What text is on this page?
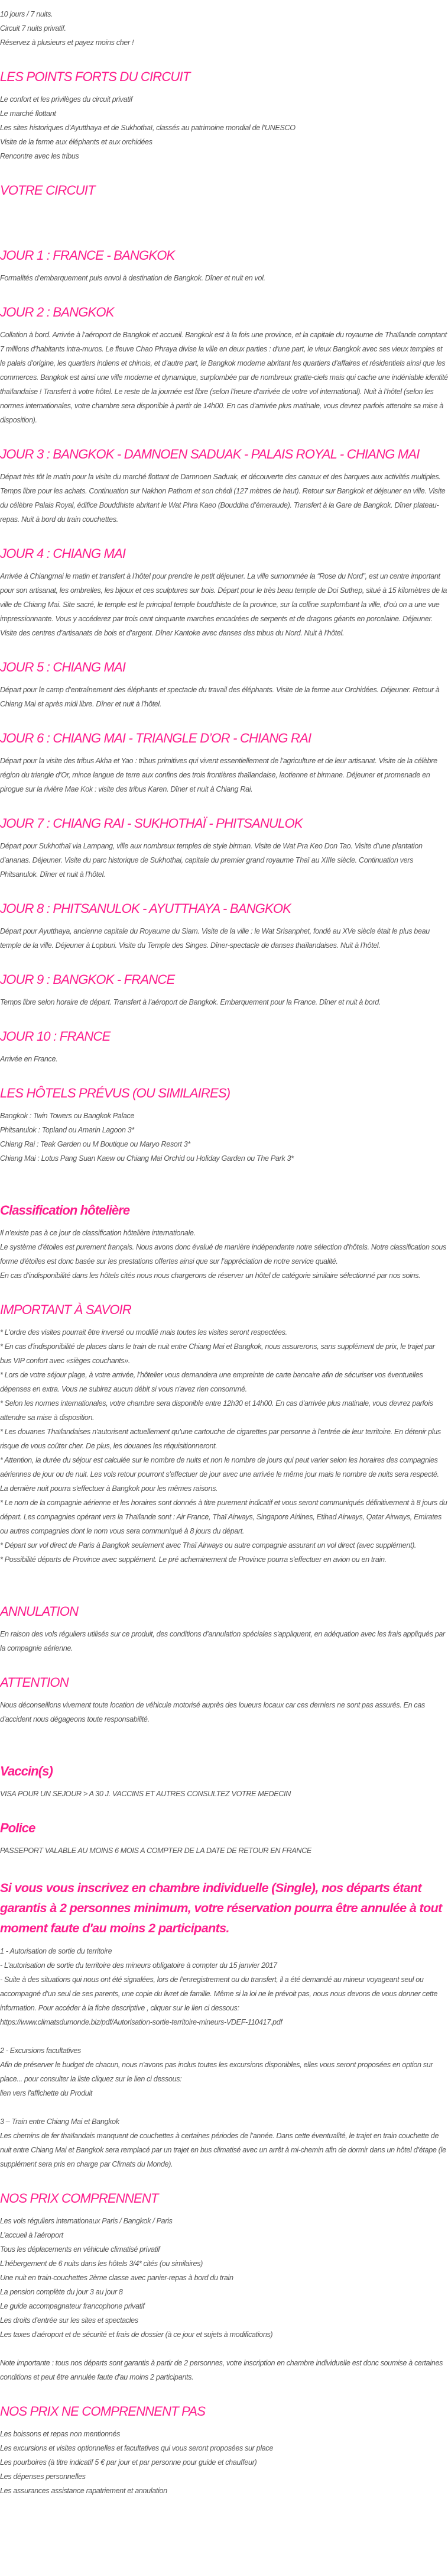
10 jours / 7 nuits.

Circuit 7 nuits privatif.

Réservez à plusieurs et payez moins cher !

LES POINTS FORTS DU CIRCUIT

Le confort et les privilèges du circuit privatif

Le marché flottant

Les sites historiques d’Ayutthaya et de Sukhothaï, classés au patrimoine mondial de l’UNESCO

Visite de la ferme aux éléphants et aux orchidées

Rencontre avec les tribus

VOTRE CIRCUIT
JOUR 1 : FRANCE - BANGKOK

Formalités d’embarquement puis envol à destination de Bangkok. Dîner et nuit en vol.

JOUR 2 : BANGKOK

Collation à bord. Arrivée à l’aéroport de Bangkok et accueil. Bangkok est à la fois une province, et la capitale du royaume de Thaïlande comptant 7 millions d’habitants intra-muros. Le fleuve Chao Phraya divise la ville en deux parties : d’une part, le vieux Bangkok avec ses vieux temples et le palais d’origine, les quartiers indiens et chinois, et d’autre part, le Bangkok moderne abritant les quartiers d’affaires et résidentiels ainsi que les commerces. Bangkok est ainsi une ville moderne et dynamique, surplombée par de nombreux gratte-ciels mais qui cache une indéniable identité thaïlandaise ! Transfert à votre hôtel. Le reste de la journée est libre (selon l’heure d’arrivée de votre vol international). Nuit à l’hôtel (selon les normes internationales, votre chambre sera disponible à partir de 14h00. En cas d’arrivée plus matinale, vous devrez parfois attendre sa mise à disposition).

JOUR 3 : BANGKOK - DAMNOEN SADUAK - PALAIS ROYAL - CHIANG MAI

Départ très tôt le matin pour la visite du marché flottant de Damnoen Saduak, et découverte des canaux et des barques aux activités multiples. Temps libre pour les achats. Continuation sur Nakhon Pathom et son chédi (127 mètres de haut). Retour sur Bangkok et déjeuner en ville. Visite du célèbre Palais Royal, édifice Bouddhiste abritant le Wat Phra Kaeo (Bouddha d’émeraude). Transfert à la Gare de Bangkok. Dîner plateau-repas. Nuit à bord du train couchettes.

JOUR 4 : CHIANG MAI

Arrivée à Chiangmai le matin et transfert à l’hôtel pour prendre le petit déjeuner. La ville surnommée la “Rose du Nord”, est un centre important pour son artisanat, les ombrelles, les bijoux et ces sculptures sur bois. Départ pour le très beau temple de Doi Suthep, situé à 15 kilomètres de la ville de Chiang Mai. Site sacré, le temple est le principal temple bouddhiste de la province, sur la colline surplombant la ville, d’où on a une vue impressionnante. Vous y accéderez par trois cent cinquante marches encadrées de serpents et de dragons géants en porcelaine. Déjeuner. Visite des centres d’artisanats de bois et d’argent. Dîner Kantoke avec danses des tribus du Nord. Nuit à l’hôtel.

JOUR 5 : CHIANG MAI

Départ pour le camp d’entraînement des éléphants et spectacle du travail des éléphants. Visite de la ferme aux Orchidées. Déjeuner. Retour à Chiang Mai et après midi libre. Dîner et nuit à l’hôtel.

JOUR 6 : CHIANG MAI - TRIANGLE D’OR - CHIANG RAI

Départ pour la visite des tribus Akha et Yao : tribus primitives qui vivent essentiellement de l’agriculture et de leur artisanat. Visite de la célèbre région du triangle d’Or, mince langue de terre aux confins des trois frontières thaïlandaise, laotienne et birmane. Déjeuner et promenade en pirogue sur la rivière Mae Kok : visite des tribus Karen. Dîner et nuit à Chiang Rai.

JOUR 7 : CHIANG RAI - SUKHOTHAÏ - PHITSANULOK

Départ pour Sukhothaï via Lampang, ville aux nombreux temples de style birman. Visite de Wat Pra Keo Don Tao. Visite d’une plantation d’ananas. Déjeuner. Visite du parc historique de Sukhothai, capitale du premier grand royaume Thaï au XIIIe siècle. Continuation vers Phitsanulok. Dîner et nuit à l’hôtel.

JOUR 8 : PHITSANULOK - AYUTTHAYA - BANGKOK

Départ pour Ayutthaya, ancienne capitale du Royaume du Siam. Visite de la ville : le Wat Srisanphet, fondé au XVe siècle était le plus beau temple de la ville. Déjeuner à Lopburi. Visite du Temple des Singes. Dîner-spectacle de danses thaïlandaises. Nuit à l’hôtel.

JOUR 9 : BANGKOK - FRANCE

Temps libre selon horaire de départ. Transfert à l’aéroport de Bangkok. Embarquement pour la France. Dîner et nuit à bord.

JOUR 10 : FRANCE

Arrivée en France.

LES HÔTELS PRÉVUS (OU SIMILAIRES)

Bangkok : Twin Towers ou Bangkok Palace

Phitsanulok : Topland ou Amarin Lagoon 3*

Chiang Rai : Teak Garden ou M Boutique ou Maryo Resort 3*

Chiang Mai : Lotus Pang Suan Kaew ou Chiang Mai Orchid ou Holiday Garden ou The Park 3*

Classification hôtelière

Il n’existe pas à ce jour de classification hôtelière internationale.

Le système d'étoiles est purement français. Nous avons donc évalué de manière indépendante notre sélection d’hôtels. Notre classification sous forme d'étoiles est donc basée sur les prestations offertes ainsi que sur l’appréciation de notre service qualité.

En cas d’indisponibilité dans les hôtels cités nous nous chargerons de réserver un hôtel de catégorie similaire sélectionné par nos soins.

IMPORTANT À SAVOIR

* L'ordre des visites pourrait être inversé ou modifié mais toutes les visites seront respectées.

* En cas d'indisponibilité de places dans le train de nuit entre Chiang Mai et Bangkok, nous assurerons, sans supplément de prix, le trajet par bus VIP confort avec «sièges couchants».

* Lors de votre séjour plage, à votre arrivée, l’hôtelier vous demandera une empreinte de carte bancaire afin de sécuriser vos éventuelles dépenses en extra. Vous ne subirez aucun débit si vous n'avez rien consommé.

* Selon les normes internationales, votre chambre sera disponible entre 12h30 et 14h00. En cas d’arrivée plus matinale, vous devrez parfois attendre sa mise à disposition.

* Les douanes Thaïlandaises n'autorisent actuellement qu'une cartouche de cigarettes par personne à l'entrée de leur territoire. En détenir plus risque de vous coûter cher. De plus, les douanes les réquisitionneront.

* Attention, la durée du séjour est calculée sur le nombre de nuits et non le nombre de jours qui peut varier selon les horaires des compagnies aériennes de jour ou de nuit. Les vols retour pourront s'effectuer de jour avec une arrivée le même jour mais le nombre de nuits sera respecté. La dernière nuit pourra s'effectuer à Bangkok pour les mêmes raisons.

* Le nom de la compagnie aérienne et les horaires sont donnés à titre purement indicatif et vous seront communiqués définitivement à 8 jours du départ. Les compagnies opérant vers la Thaïlande sont : Air France, Thaï Airways, Singapore Airlines, Etihad Airways, Qatar Airways, Emirates ou autres compagnies dont le nom vous sera communiqué à 8 jours du départ.

* Départ sur vol direct de Paris à Bangkok seulement avec Thaï Airways ou autre compagnie assurant un vol direct (avec supplément).

* Possibilité départs de Province avec supplément. Le pré acheminement de Province pourra s'effectuer en avion ou en train.

ANNULATION

En raison des vols réguliers utilisés sur ce produit, des conditions d’annulation spéciales s'appliquent, en adéquation avec les frais appliqués par la compagnie aérienne.

ATTENTION

Nous déconseillons vivement toute location de véhicule motorisé auprès des loueurs locaux car ces derniers ne sont pas assurés. En cas d'accident nous dégageons toute responsabilité.

Vaccin(s)

VISA POUR UN SEJOUR > A 30 J. VACCINS ET AUTRES CONSULTEZ VOTRE MEDECIN

Police

PASSEPORT VALABLE AU MOINS 6 MOIS A COMPTER DE LA DATE DE RETOUR EN FRANCE

Si vous vous inscrivez en chambre individuelle (Single), nos départs étant garantis à 2 personnes minimum, votre réservation pourra être annulée à tout moment faute d'au moins 2 participants.

1 - Autorisation de sortie du territoire

- L’autorisation de sortie du territoire des mineurs obligatoire à compter du 15 janvier 2017

- Suite à des situations qui nous ont été signalées, lors de l’enregistrement ou du transfert, il a été demandé au mineur voyageant seul ou accompagné d’un seul de ses parents, une copie du livret de famille. Même si la loi ne le prévoit pas, nous nous devons de vous donner cette information. Pour accéder à la fiche descriptive , cliquer sur le lien ci dessous:

https://www.climatsdumonde.biz/pdf/Autorisation-sortie-territoire-mineurs-VDEF-110417.pdf

2 - Excursions facultatives

Afin de préserver le budget de chacun, nous n'avons pas inclus toutes les excursions disponibles, elles vous seront proposées en option sur place... pour consulter la liste cliquez sur le lien ci dessous:

lien vers l'affichette du Produit

3 – Train entre Chiang Mai et Bangkok

Les chemins de fer thaïlandais manquent de couchettes à certaines périodes de l’année. Dans cette éventualité, le trajet en train couchette de nuit entre Chiang Mai et Bangkok sera remplacé par un trajet en bus climatisé avec un arrêt à mi-chemin afin de dormir dans un hôtel d’étape (le supplément sera pris en charge par Climats du Monde).

NOS PRIX COMPRENNENT

Les vols réguliers internationaux Paris / Bangkok / Paris

L’accueil à l'aéroport

Tous les déplacements en véhicule climatisé privatif

L'hébergement de 6 nuits dans les hôtels 3/4* cités (ou similaires)

Une nuit en train-couchettes 2ème classe avec panier-repas à bord du train

La pension complète du jour 3 au jour 8

Le guide accompagnateur francophone privatif

Les droits d'entrée sur les sites et spectacles

Les taxes d'aéroport et de sécurité et frais de dossier (à ce jour et sujets à modifications)

Note importante : tous nos départs sont garantis à partir de 2 personnes, votre inscription en chambre individuelle est donc soumise à certaines conditions et peut être annulée faute d'au moins 2 participants.

NOS PRIX NE COMPRENNENT PAS

Les boissons et repas non mentionnés

Les excursions et visites optionnelles et facultatives qui vous seront proposées sur place

Les pourboires (à titre indicatif 5 € par jour et par personne pour guide et chauffeur)

Les dépenses personnelles

Les assurances assistance rapatriement et annulation
